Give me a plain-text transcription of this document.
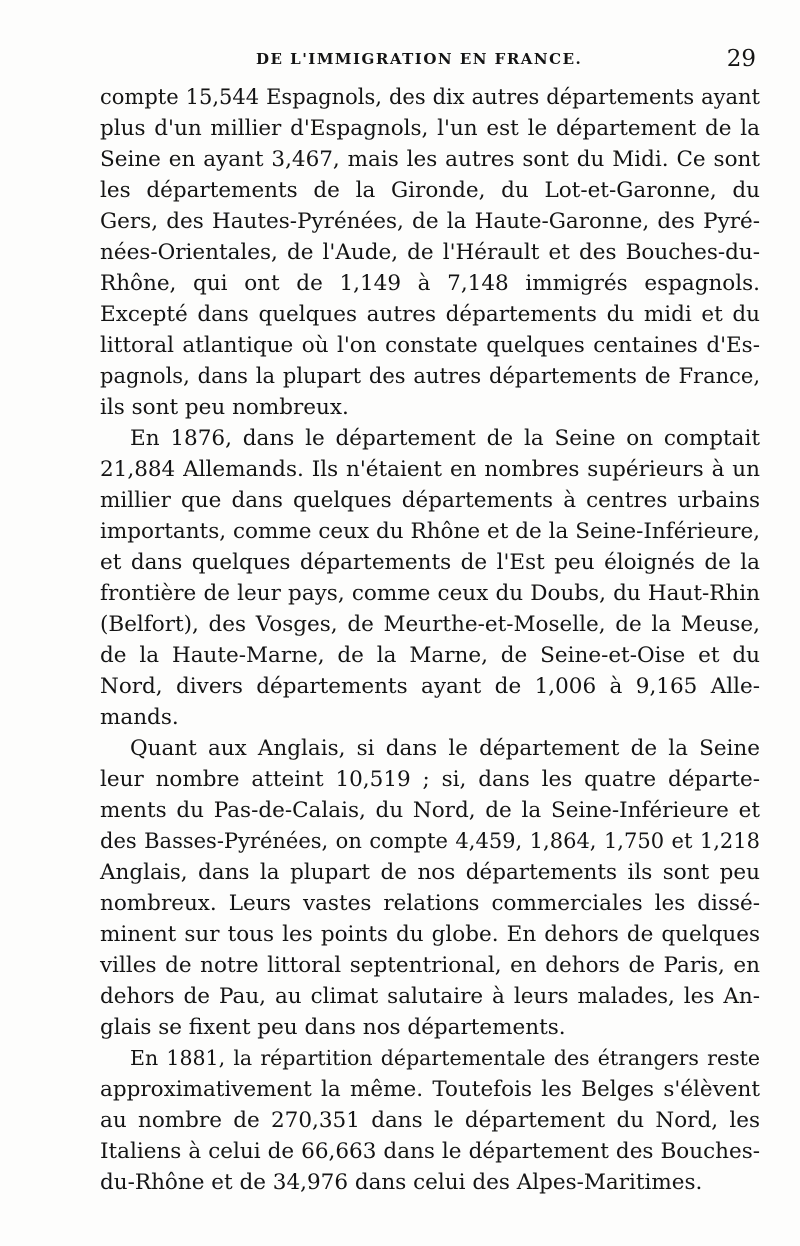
DE L'IMMIGRATION EN FRANCE.	29
compte 15,544 Espagnols, des dix autres départements ayant
plus d'un millier d'Espagnols, l'un est le département de la
Seine en ayant 3,467, mais les autres sont du Midi. Ce sont
les départements de la Gironde, du Lot-et-Garonne, du
Gers, des Hautes-Pyrénées, de la Haute-Garonne, des Pyré-
nées-Orientales, de l'Aude, de l'Hérault et des Bouches-du-
Rhône, qui ont de 1,149 à 7,148 immigrés espagnols.
Excepté dans quelques autres départements du midi et du
littoral atlantique où l'on constate quelques centaines d'Es-
pagnols, dans la plupart des autres départements de France,
ils sont peu nombreux.
En 1876, dans le département de la Seine on comptait
21,884 Allemands. Ils n'étaient en nombres supérieurs à un
millier que dans quelques départements à centres urbains
importants, comme ceux du Rhône et de la Seine-Inférieure,
et dans quelques départements de l'Est peu éloignés de la
frontière de leur pays, comme ceux du Doubs, du Haut-Rhin
(Belfort), des Vosges, de Meurthe-et-Moselle, de la Meuse,
de la Haute-Marne, de la Marne, de Seine-et-Oise et du
Nord, divers départements ayant de 1,006 à 9,165 Alle-
mands.
Quant aux Anglais, si dans le département de la Seine
leur nombre atteint 10,519 ; si, dans les quatre départe-
ments du Pas-de-Calais, du Nord, de la Seine-Inférieure et
des Basses-Pyrénées, on compte 4,459, 1,864, 1,750 et 1,218
Anglais, dans la plupart de nos départements ils sont peu
nombreux. Leurs vastes relations commerciales les dissé-
minent sur tous les points du globe. En dehors de quelques
villes de notre littoral septentrional, en dehors de Paris, en
dehors de Pau, au climat salutaire à leurs malades, les An-
glais se fixent peu dans nos départements.
En 1881, la répartition départementale des étrangers reste
approximativement la même. Toutefois les Belges s'élèvent
au nombre de 270,351 dans le département du Nord, les
Italiens à celui de 66,663 dans le département des Bouches-
du-Rhône et de 34,976 dans celui des Alpes-Maritimes.
